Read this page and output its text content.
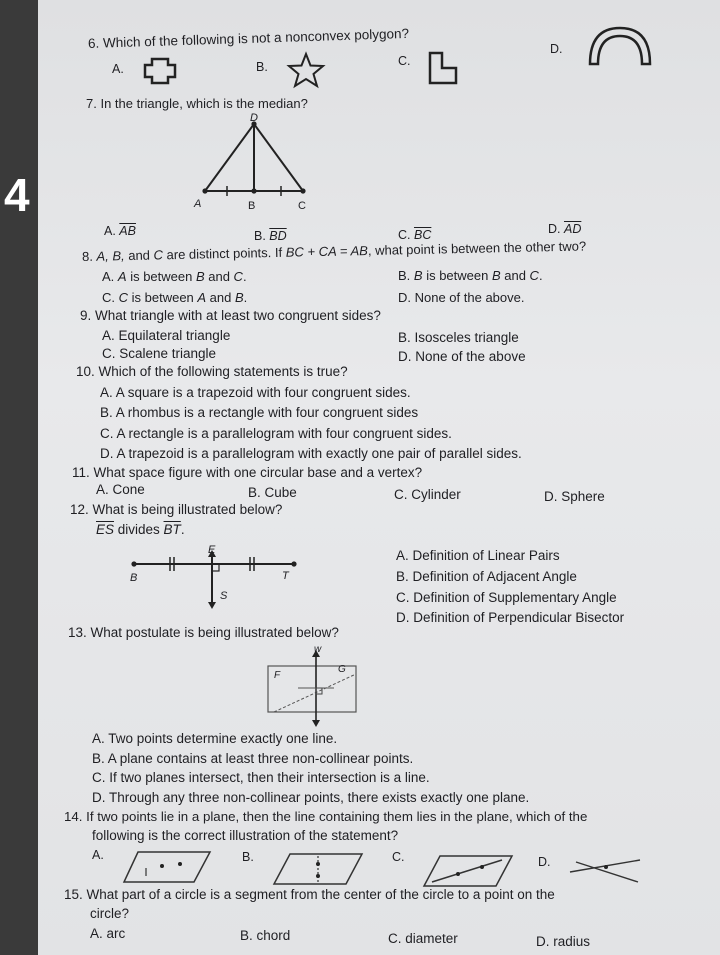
4
6. Which of the following is not a nonconvex polygon?
A.	B.	C.
D.
7. In the triangle, which is the median?
D
A	B	C
A. $\overline{AB}$	B. $\overline{BD}$	C. $\overline{BC}$	D. $\overline{AD}$
8. A, B, and C are distinct points. If BC + CA = AB, what point is between the other two?
A. A is between B and C.	B. B is between B and C.
C. C is between A and B.	D. None of the above.
9. What triangle with at least two congruent sides?
A. Equilateral triangle	B. Isosceles triangle
C. Scalene triangle	D. None of the above
10. Which of the following statements is true?
A. A square is a trapezoid with four congruent sides.
B. A rhombus is a rectangle with four congruent sides
C. A rectangle is a parallelogram with four congruent sides.
D. A trapezoid is a parallelogram with exactly one pair of parallel sides.
11. What space figure with one circular base and a vertex?
A. Cone	B. Cube	C. Cylinder	D. Sphere
12. What is being illustrated below?
$\overline{ES}$ divides $\overline{BT}$.
E
B	T
S
A. Definition of Linear Pairs
B. Definition of Adjacent Angle
C. Definition of Supplementary Angle
D. Definition of Perpendicular Bisector
13. What postulate is being illustrated below?
w
F
G
A. Two points determine exactly one line.
B. A plane contains at least three non-collinear points.
C. If two planes intersect, then their intersection is a line.
D. Through any three non-collinear points, there exists exactly one plane.
14. If two points lie in a plane, then the line containing them lies in the plane, which of the
following is the correct illustration of the statement?
A.	B.	C.	D.
15. What part of a circle is a segment from the center of the circle to a point on the
circle?
A. arc	B. chord	C. diameter	D. radius
